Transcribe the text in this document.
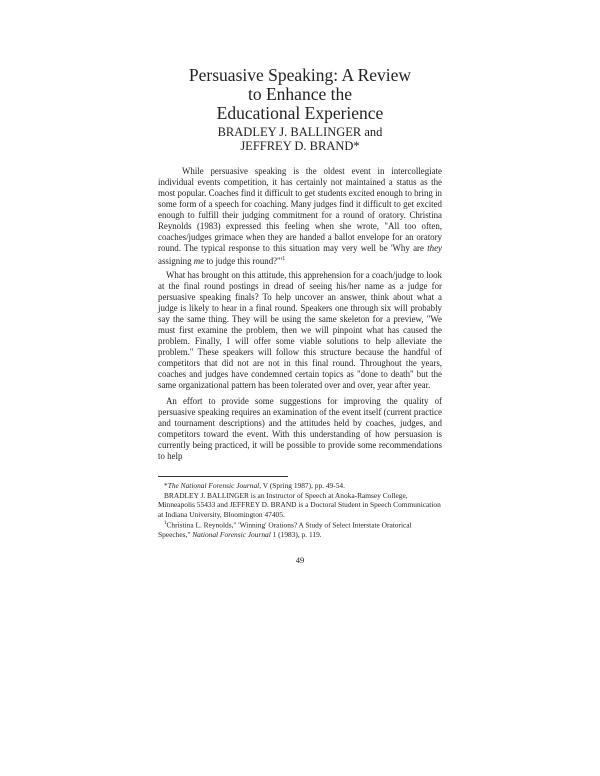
Persuasive Speaking: A Review
to Enhance the
Educational Experience
BRADLEY J. BALLINGER and
JEFFREY D. BRAND*

While persuasive speaking is the oldest event in intercollegiate individual events competition, it has certainly not maintained a status as the most popular. Coaches find it difficult to get students excited enough to bring in some form of a speech for coaching. Many judges find it difficult to get excited enough to fulfill their judging commitment for a round of oratory. Christina Reynolds (1983) expressed this feeling when she wrote, "All too often, coaches/judges grimace when they are handed a ballot envelope for an oratory round. The typical response to this situation may very well be 'Why are they assigning me to judge this round?'"$^1$

What has brought on this attitude, this apprehension for a coach/judge to look at the final round postings in dread of seeing his/her name as a judge for persuasive speaking finals? To help uncover an answer, think about what a judge is likely to hear in a final round. Speakers one through six will probably say the same thing. They will be using the same skeleton for a preview, "We must first examine the problem, then we will pinpoint what has caused the problem. Finally, I will offer some viable solutions to help alleviate the problem." These speakers will follow this structure because the handful of competitors that did not are not in this final round. Throughout the years, coaches and judges have condemned certain topics as "done to death" but the same organizational pattern has been tolerated over and over, year after year.

An effort to provide some suggestions for improving the quality of persuasive speaking requires an examination of the event itself (current practice and tournament descriptions) and the attitudes held by coaches, judges, and competitors toward the event. With this understanding of how persuasion is currently being practiced, it will be possible to provide some recommendations to help

*The National Forensic Journal, V (Spring 1987), pp. 49-54.

BRADLEY J. BALLINGER is an Instructor of Speech at Anoka-Ramsey College, Minneapolis 55433 and JEFFREY D. BRAND is a Doctoral Student in Speech Communication at Indiana University, Bloomington 47405.

$^1$Christina L. Reynolds," 'Winning' Orations? A Study of Select Interstate Oratorical Speeches," National Forensic Journal 1 (1983), p. 119.

49
